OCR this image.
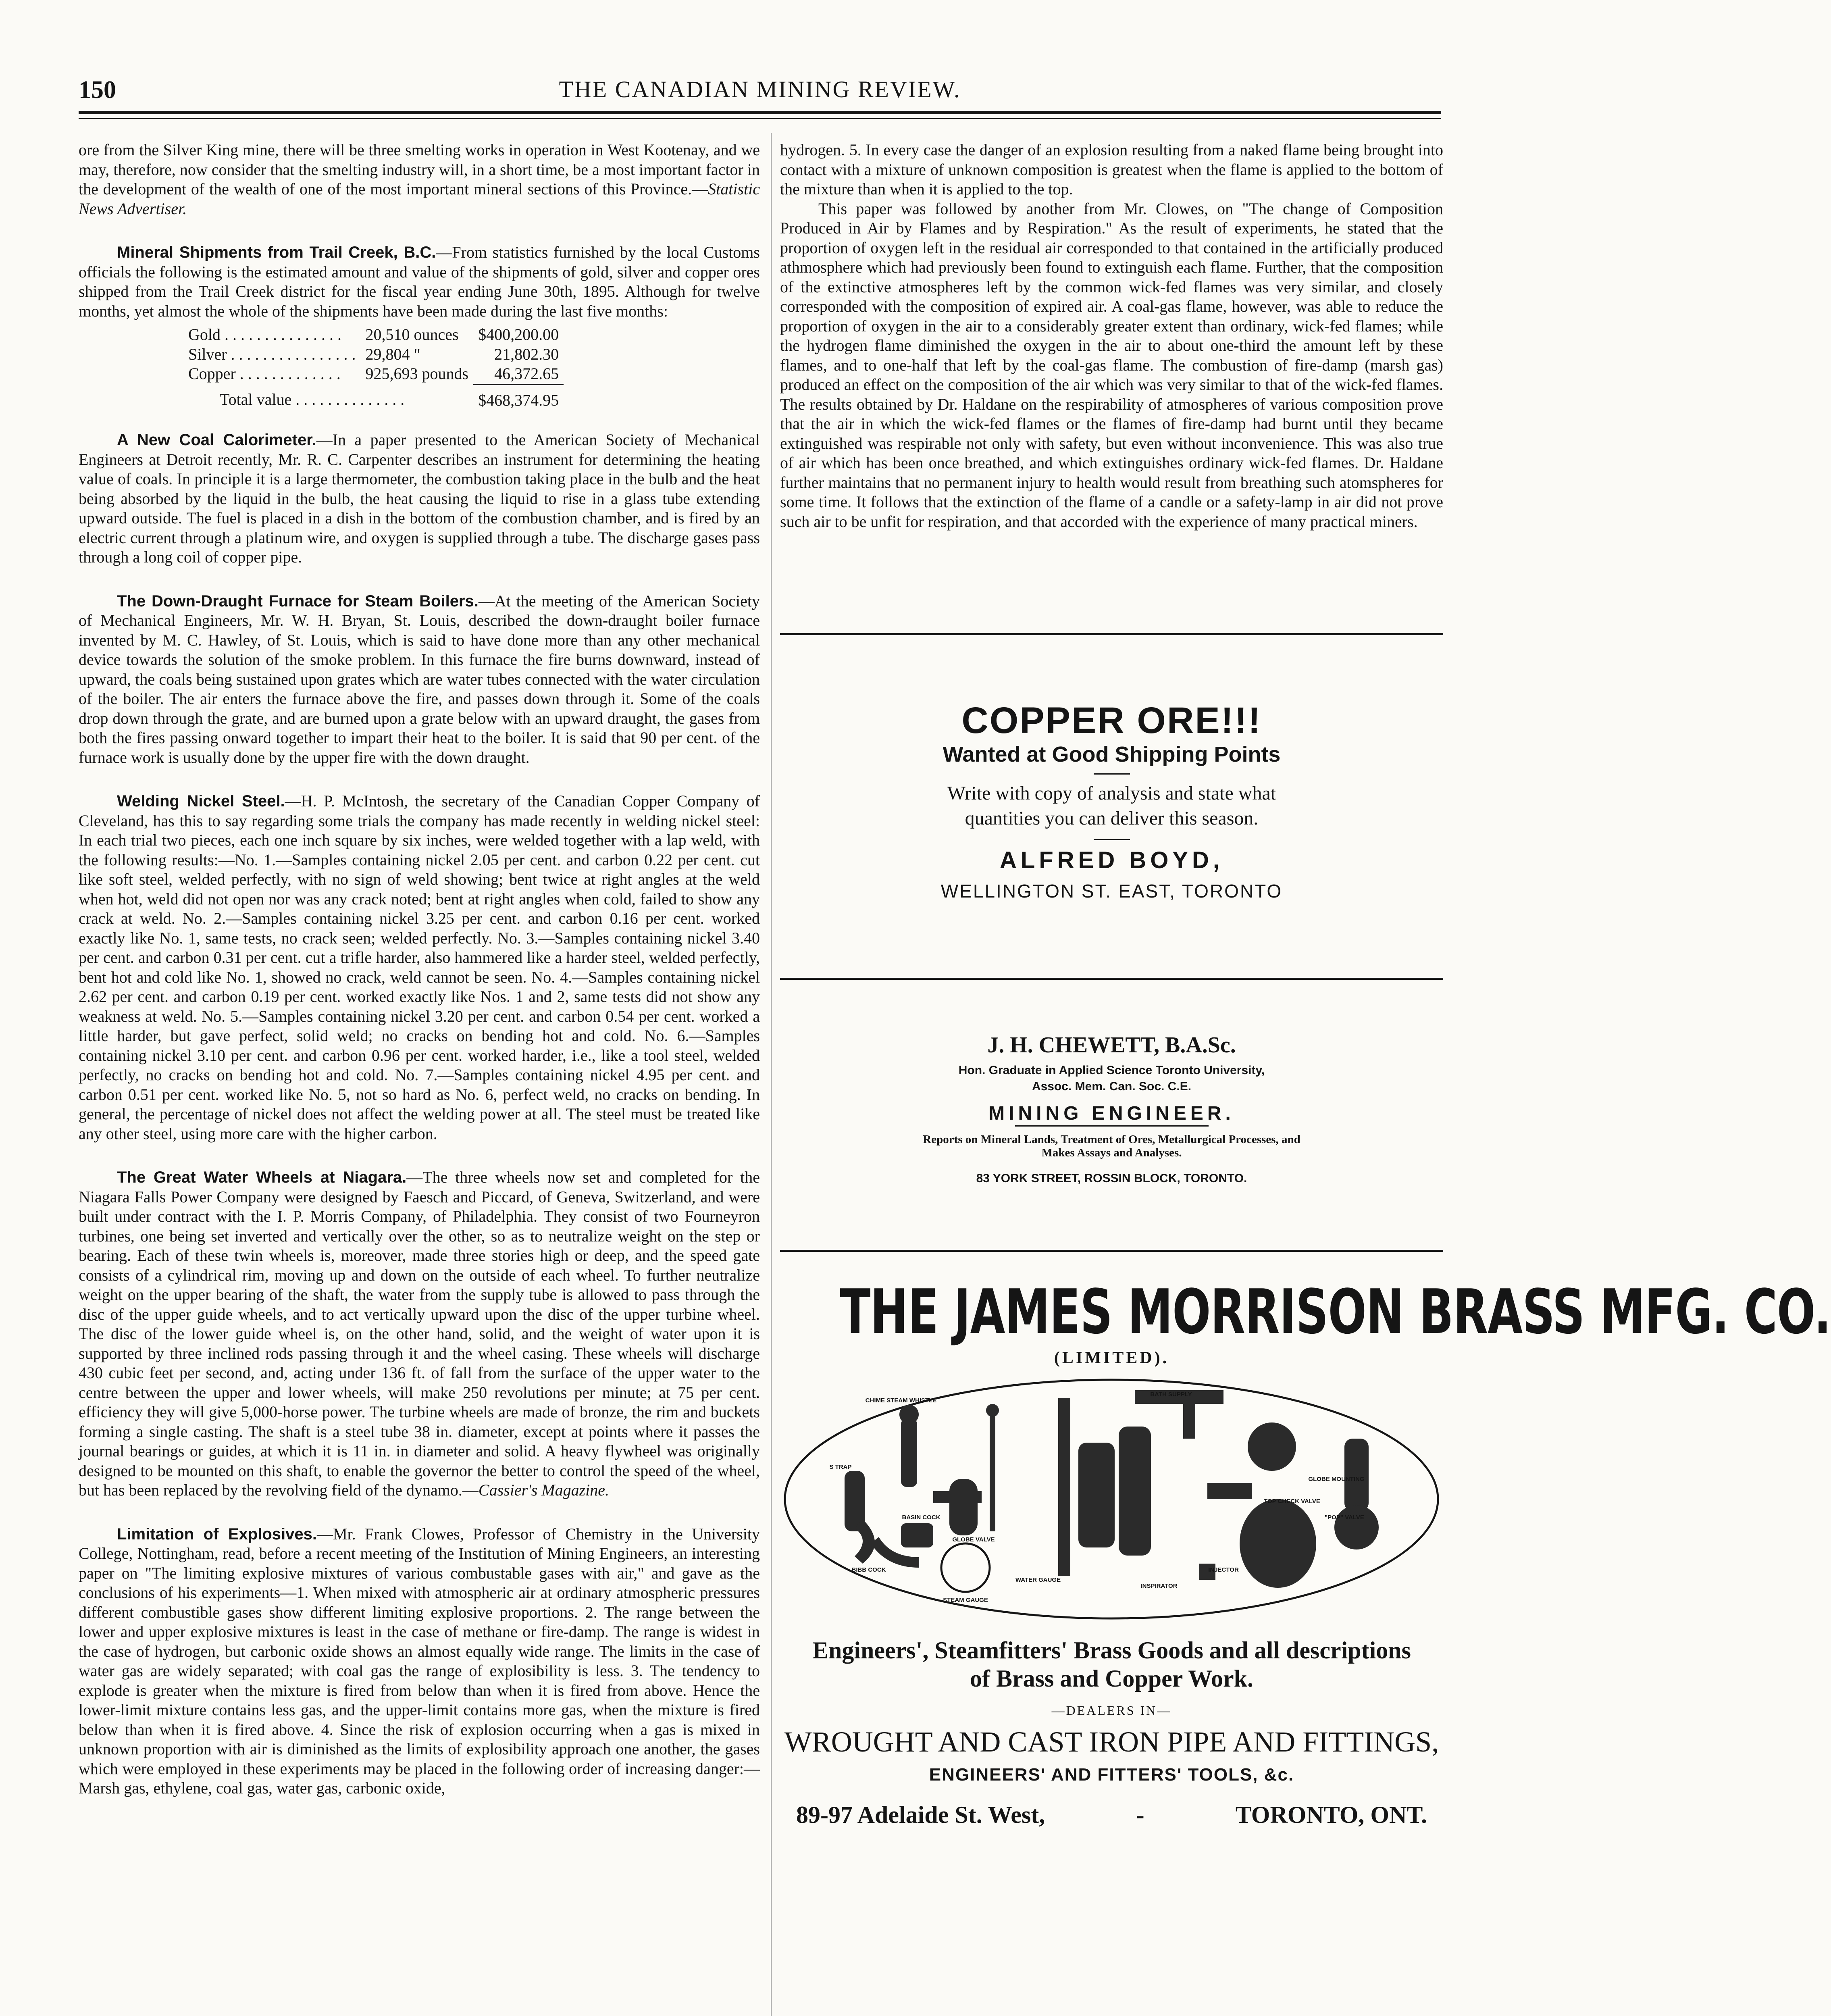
150	THE CANADIAN MINING REVIEW.

ore from the Silver King mine, there will be three smelting works in operation in West Kootenay, and we may, therefore, now consider that the smelting industry will, in a short time, be a most important factor in the development of the wealth of one of the most important mineral sections of this Province.—Statistic News Advertiser.

Mineral Shipments from Trail Creek, B.C.—From statistics furnished by the local Customs officials the following is the estimated amount and value of the shipments of gold, silver and copper ores shipped from the Trail Creek district for the fiscal year ending June 30th, 1895. Although for twelve months, yet almost the whole of the shipments have been made during the last five months:
Gold . . . . . . . . . . . . . . .	20,510 ounces	$400,200.00
Silver . . . . . . . . . . . . . . . .	29,804 "	21,802.30
Copper . . . . . . . . . . . . .	925,693 pounds	46,372.65
Total value . . . . . . . . . . . . . .		$468,374.95

A New Coal Calorimeter.—In a paper presented to the American Society of Mechanical Engineers at Detroit recently, Mr. R. C. Carpenter describes an instrument for determining the heating value of coals. In principle it is a large thermometer, the combustion taking place in the bulb and the heat being absorbed by the liquid in the bulb, the heat causing the liquid to rise in a glass tube extending upward outside. The fuel is placed in a dish in the bottom of the combustion chamber, and is fired by an electric current through a platinum wire, and oxygen is supplied through a tube. The discharge gases pass through a long coil of copper pipe.

The Down-Draught Furnace for Steam Boilers.—At the meeting of the American Society of Mechanical Engineers, Mr. W. H. Bryan, St. Louis, described the down-draught boiler furnace invented by M. C. Hawley, of St. Louis, which is said to have done more than any other mechanical device towards the solution of the smoke problem. In this furnace the fire burns downward, instead of upward, the coals being sustained upon grates which are water tubes connected with the water circulation of the boiler. The air enters the furnace above the fire, and passes down through it. Some of the coals drop down through the grate, and are burned upon a grate below with an upward draught, the gases from both the fires passing onward together to impart their heat to the boiler. It is said that 90 per cent. of the furnace work is usually done by the upper fire with the down draught.

Welding Nickel Steel.—H. P. McIntosh, the secretary of the Canadian Copper Company of Cleveland, has this to say regarding some trials the company has made recently in welding nickel steel: In each trial two pieces, each one inch square by six inches, were welded together with a lap weld, with the following results:—No. 1.—Samples containing nickel 2.05 per cent. and carbon 0.22 per cent. cut like soft steel, welded perfectly, with no sign of weld showing; bent twice at right angles at the weld when hot, weld did not open nor was any crack noted; bent at right angles when cold, failed to show any crack at weld. No. 2.—Samples containing nickel 3.25 per cent. and carbon 0.16 per cent. worked exactly like No. 1, same tests, no crack seen; welded perfectly. No. 3.—Samples containing nickel 3.40 per cent. and carbon 0.31 per cent. cut a trifle harder, also hammered like a harder steel, welded perfectly, bent hot and cold like No. 1, showed no crack, weld cannot be seen. No. 4.—Samples containing nickel 2.62 per cent. and carbon 0.19 per cent. worked exactly like Nos. 1 and 2, same tests did not show any weakness at weld. No. 5.—Samples containing nickel 3.20 per cent. and carbon 0.54 per cent. worked a little harder, but gave perfect, solid weld; no cracks on bending hot and cold. No. 6.—Samples containing nickel 3.10 per cent. and carbon 0.96 per cent. worked harder, i.e., like a tool steel, welded perfectly, no cracks on bending hot and cold. No. 7.—Samples containing nickel 4.95 per cent. and carbon 0.51 per cent. worked like No. 5, not so hard as No. 6, perfect weld, no cracks on bending. In general, the percentage of nickel does not affect the welding power at all. The steel must be treated like any other steel, using more care with the higher carbon.

The Great Water Wheels at Niagara.—The three wheels now set and completed for the Niagara Falls Power Company were designed by Faesch and Piccard, of Geneva, Switzerland, and were built under contract with the I. P. Morris Company, of Philadelphia. They consist of two Fourneyron turbines, one being set inverted and vertically over the other, so as to neutralize weight on the step or bearing. Each of these twin wheels is, moreover, made three stories high or deep, and the speed gate consists of a cylindrical rim, moving up and down on the outside of each wheel. To further neutralize weight on the upper bearing of the shaft, the water from the supply tube is allowed to pass through the disc of the upper guide wheels, and to act vertically upward upon the disc of the upper turbine wheel. The disc of the lower guide wheel is, on the other hand, solid, and the weight of water upon it is supported by three inclined rods passing through it and the wheel casing. These wheels will discharge 430 cubic feet per second, and, acting under 136 ft. of fall from the surface of the upper water to the centre between the upper and lower wheels, will make 250 revolutions per minute; at 75 per cent. efficiency they will give 5,000-horse power. The turbine wheels are made of bronze, the rim and buckets forming a single casting. The shaft is a steel tube 38 in. diameter, except at points where it passes the journal bearings or guides, at which it is 11 in. in diameter and solid. A heavy flywheel was originally designed to be mounted on this shaft, to enable the governor the better to control the speed of the wheel, but has been replaced by the revolving field of the dynamo.—Cassier's Magazine.

Limitation of Explosives.—Mr. Frank Clowes, Professor of Chemistry in the University College, Nottingham, read, before a recent meeting of the Institution of Mining Engineers, an interesting paper on "The limiting explosive mixtures of various combustable gases with air," and gave as the conclusions of his experiments—1. When mixed with atmospheric air at ordinary atmospheric pressures different combustible gases show different limiting explosive proportions. 2. The range between the lower and upper explosive mixtures is least in the case of methane or fire-damp. The range is widest in the case of hydrogen, but carbonic oxide shows an almost equally wide range. The limits in the case of water gas are widely separated; with coal gas the range of explosibility is less. 3. The tendency to explode is greater when the mixture is fired from below than when it is fired from above. Hence the lower-limit mixture contains less gas, and the upper-limit contains more gas, when the mixture is fired below than when it is fired above. 4. Since the risk of explosion occurring when a gas is mixed in unknown proportion with air is diminished as the limits of explosibility approach one another, the gases which were employed in these experiments may be placed in the following order of increasing danger:—Marsh gas, ethylene, coal gas, water gas, carbonic oxide,

hydrogen. 5. In every case the danger of an explosion resulting from a naked flame being brought into contact with a mixture of unknown composition is greatest when the flame is applied to the bottom of the mixture than when it is applied to the top.

This paper was followed by another from Mr. Clowes, on "The change of Composition Produced in Air by Flames and by Respiration." As the result of experiments, he stated that the proportion of oxygen left in the residual air corresponded to that contained in the artificially produced athmosphere which had previously been found to extinguish each flame. Further, that the composition of the extinctive atmospheres left by the common wick-fed flames was very similar, and closely corresponded with the composition of expired air. A coal-gas flame, however, was able to reduce the proportion of oxygen in the air to a considerably greater extent than ordinary, wick-fed flames; while the hydrogen flame diminished the oxygen in the air to about one-third the amount left by these flames, and to one-half that left by the coal-gas flame. The combustion of fire-damp (marsh gas) produced an effect on the composition of the air which was very similar to that of the wick-fed flames. The results obtained by Dr. Haldane on the respirability of atmospheres of various composition prove that the air in which the wick-fed flames or the flames of fire-damp had burnt until they became extinguished was respirable not only with safety, but even without inconvenience. This was also true of air which has been once breathed, and which extinguishes ordinary wick-fed flames. Dr. Haldane further maintains that no permanent injury to health would result from breathing such atomspheres for some time. It follows that the extinction of the flame of a candle or a safety-lamp in air did not prove such air to be unfit for respiration, and that accorded with the experience of many practical miners.

COPPER ORE!!!
Wanted at Good Shipping Points
Write with copy of analysis and state what
quantities you can deliver this season.
ALFRED BOYD,
WELLINGTON ST. EAST, TORONTO
J. H. CHEWETT, B.A.Sc.
Hon. Graduate in Applied Science Toronto University,
Assoc. Mem. Can. Soc. C.E.
MINING ENGINEER.
Reports on Mineral Lands, Treatment of Ores, Metallurgical Processes, and
Makes Assays and Analyses.
83 YORK STREET, ROSSIN BLOCK, TORONTO.
THE JAMES MORRISON BRASS MFG. CO.
(LIMITED).
BATH SUPPLY
CHIME STEAM WHISTLE
S TRAP
BASIN COCK
GLOBE VALVE
GLOBE MOUNTING
TOP CHECK VALVE
"POP" VALVE
BIBB COCK
WATER GAUGE
INJECTOR
INSPIRATOR
STEAM GAUGE
Engineers', Steamfitters' Brass Goods and all descriptions
of Brass and Copper Work.
—DEALERS IN—
WROUGHT AND CAST IRON PIPE AND FITTINGS,
ENGINEERS' AND FITTERS' TOOLS, &c.
89-97 Adelaide St. West,	-	TORONTO, ONT.
